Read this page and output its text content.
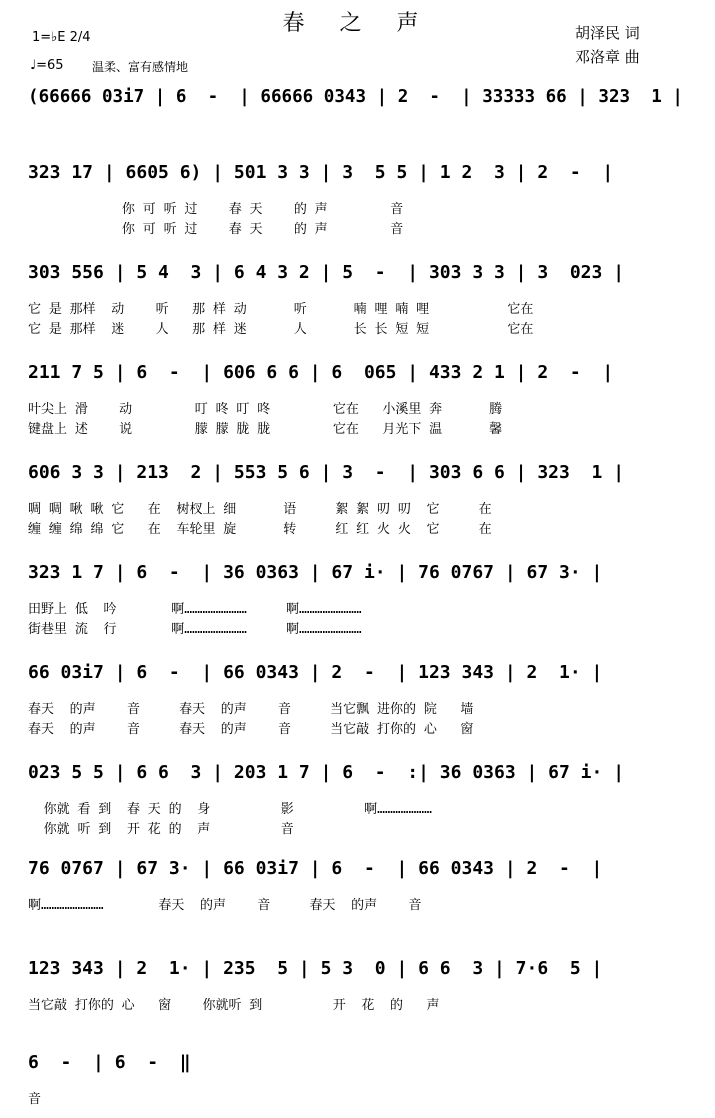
春 之 声	胡泽民 词
邓洛章 曲
1=♭E 2/4
♩=65 温柔、富有感情地
(66666 03i7 | 6  -  | 66666 0343 | 2  -  | 33333 66 | 323  1 |
323 17 | 6605 6) | 501 3 3 | 3  5 5 | 1 2  3 | 2  -  |
你 可 听 过    春 天    的 声        音
你 可 听 过    春 天    的 声        音
303 556 | 5 4  3 | 6 4 3 2 | 5  -  | 303 3 3 | 3  023 |
它 是 那样  动    听   那 样 动      听      喃 哩 喃 哩          它在
它 是 那样  迷    人   那 样 迷      人      长 长 短 短          它在
211 7 5 | 6  -  | 606 6 6 | 6  065 | 433 2 1 | 2  -  |
叶尖上 滑    动        叮 咚 叮 咚        它在   小溪里 奔      腾
键盘上 述    说        朦 朦 胧 胧        它在   月光下 温      馨
606 3 3 | 213  2 | 553 5 6 | 3  -  | 303 6 6 | 323  1 |
啁 啁 啾 啾 它   在  树杈上 细      语     絮 絮 叨 叨  它     在
缠 缠 绵 绵 它   在  车轮里 旋      转     红 红 火 火  它     在
323 1 7 | 6  -  | 36 0363 | 67 i· | 76 0767 | 67 3· |
田野上 低  吟       啊……………………     啊……………………
街巷里 流  行       啊……………………     啊……………………
66 03i7 | 6  -  | 66 0343 | 2  -  | 123 343 | 2  1· |
春天  的声    音     春天  的声    音     当它飘 进你的 院   墙
春天  的声    音     春天  的声    音     当它敲 打你的 心   窗
023 5 5 | 6 6  3 | 203 1 7 | 6  -  :| 36 0363 | 67 i· |
你就 看 到  春 天 的  身         影         啊…………………
你就 听 到  开 花 的  声         音
76 0767 | 67 3· | 66 03i7 | 6  -  | 66 0343 | 2  -  |
啊……………………       春天  的声    音     春天  的声    音
123 343 | 2  1· | 235  5 | 5 3  0 | 6 6  3 | 7·6  5 |
当它敲 打你的 心   窗    你就听 到         开  花  的   声
6  -  | 6  -  ‖
音
